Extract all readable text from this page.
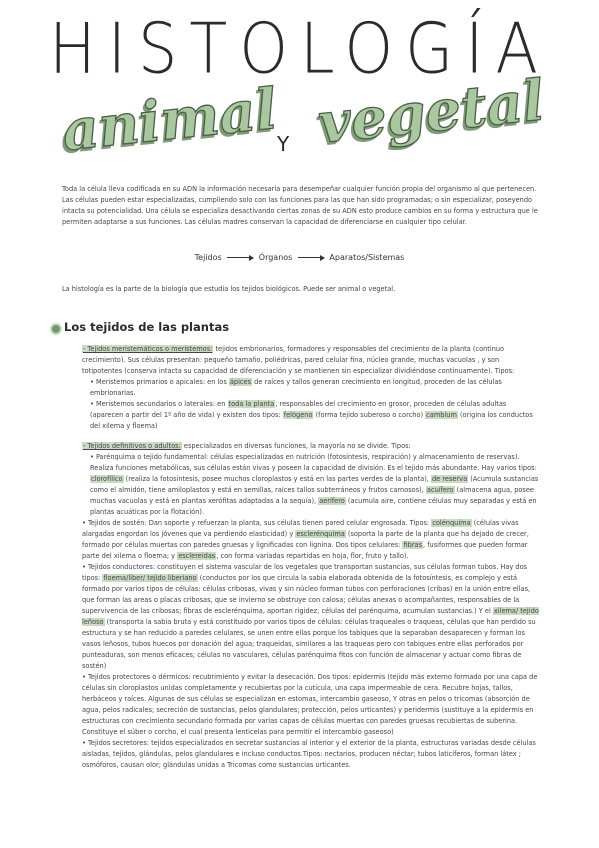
HISTOLOGÍA
animal
Y vegetal
Toda la célula lleva codificada en su ADN la información necesaria para desempeñar cualquier función propia del organismo al que pertenecen. Las células pueden estar especializadas, cumpliendo solo con las funciones para las que han sido programadas; o sin especializar, poseyendo intacta su potencialidad. Una célula se especializa desactivando ciertas zonas de su ADN esto produce cambios en su forma y estructura que le permiten adaptarse a sus funciones. Las células madres conservan la capacidad de diferenciarse en cualquier tipo celular.
Tejidos	Órganos	Aparatos/Sistemas
La histología es la parte de la biología que estudia los tejidos biológicos. Puede ser animal o vegetal.
Los tejidos de las plantas
- Tejidos meristemáticos o meristemos: tejidos embrionarios, formadores y responsables del crecimiento de la planta (continuo crecimiento). Sus células presentan: pequeño tamaño, poliédricas, pared celular fina, núcleo grande, muchas vacuolas , y son totipotentes (conserva intacta su capacidad de diferenciación y se mantienen sin especializar dividiéndose continuamente). Tipos:
• Meristemos primarios o apicales: en los ápices de raíces y tallos generan crecimiento en longitud, proceden de las células embrionarias.
• Meristemos secundarios o laterales: en toda la planta, responsables del crecimiento en grosor, proceden de células adultas (aparecen a partir del 1º año de vida) y existen dos tipos: felógeno (forma tejido suberoso o corcho) cambium (origina los conductos del xilema y floema)
- Tejidos definitivos o adultos: especializados en diversas funciones, la mayoría no se divide. Tipos:
• Parénquima o tejido fundamental: células especializadas en nutrición (fotosíntesis, respiración) y almacenamiento de reservas). Realiza funciones metabólicas, sus células están vivas y poseen la capacidad de división. Es el tejido más abundante. Hay varios tipos: clorofílico (realiza la fotosíntesis, posee muchos cloroplastos y está en las partes verdes de la planta), de reserva (Acumula sustancias como el almidón, tiene amiloplastos y está en semillas, raíces tallos subterráneos y frutos carnosos), acuífero (almacena agua, posee muchas vacuolas y está en plantas xerófitas adaptadas a la sequía), aerífero (acumula aire, contiene células muy separadas y está en plantas acuáticas por la flotación).
• Tejidos de sostén: Dan soporte y refuerzan la planta, sus células tienen pared celular engrosada. Tipos: colénquima (células vivas alargadas engordan los jóvenes que va perdiendo elasticidad) y esclerénquima (soporta la parte de la planta que ha dejado de crecer, formado por células muertas con paredes gruesas y lignificadas con lignina. Dos tipos celulares: fibras, fusiformes que pueden formar parte del xilema o floema; y esclereidas, con forma variadas repartidas en hoja, flor, fruto y tallo).
• Tejidos conductores: constituyen el sistema vascular de los vegetales que transportan sustancias, sus células forman tubos. Hay dos tipos: floema/liber/ tejido liberiano (conductos por los que circula la sabia elaborada obtenida de la fotosíntesis, es complejo y está formado por varios tipos de células: células cribosas, vivas y sin núcleo forman tubos con perforaciones (cribas) en la unión entre ellas, que forman las areas o placas cribosas, que se invierno se obstruye con calosa; células anexas o acompañantes, responsables de la supervivencia de las cribosas; fibras de esclerénquima, aportan rigidez; células del parénquima, acumulan sustancias.) Y el xilema/ tejido leñoso (transporta la sabia bruta y está constituido por varios tipos de células: células traqueales o traqueas, células que han perdido su estructura y se han reducido a paredes celulares, se unen entre ellas porque los tabiques que la separaban desaparecen y forman los vasos leñosos, tubos huecos por donación del agua; traqueidas, similares a las traqueas pero con tabiques entre ellas perforados por punteaduras, son menos eficaces; células no vasculares, células parénquima fitos con función de almacenar y actuar como fibras de sostén)
• Tejidos protectores o dérmicos: recubrimiento y evitar la desecación. Dos tipos: epidermis (tejido más externo formado por una capa de células sin cloroplastos unidas completamente y recubiertas por la cutícula, una capa impermeable de cera. Recubre hojas, tallos, herbáceos y raíces. Algunas de sus células se especializan en estomas, intercambio gaseoso, Y otras en pelos o tricomas (absorción de agua, pelos radicales; secreción de sustancias, pelos glandulares; protección, pelos urticantes) y peridermis (sustituye a la epidermis en estructuras con crecimiento secundario formada por varias capas de células muertas con paredes gruesas recubiertas de suberina. Constituye el súber o corcho, el cual presenta lenticelas para permitir el intercambio gaseoso)
• Tejidos secretores: tejidos especializados en secretar sustancias al interior y el exterior de la planta, estructuras variadas desde células aisladas, tejidos, glándulas, pelos glandulares e incluso conductos.Tipos: nectarios, producen néctar; tubos laticíferos, forman látex ; osmóforos, causan olor; glándulas unidas a Tricomas como sustancias urticantes.
